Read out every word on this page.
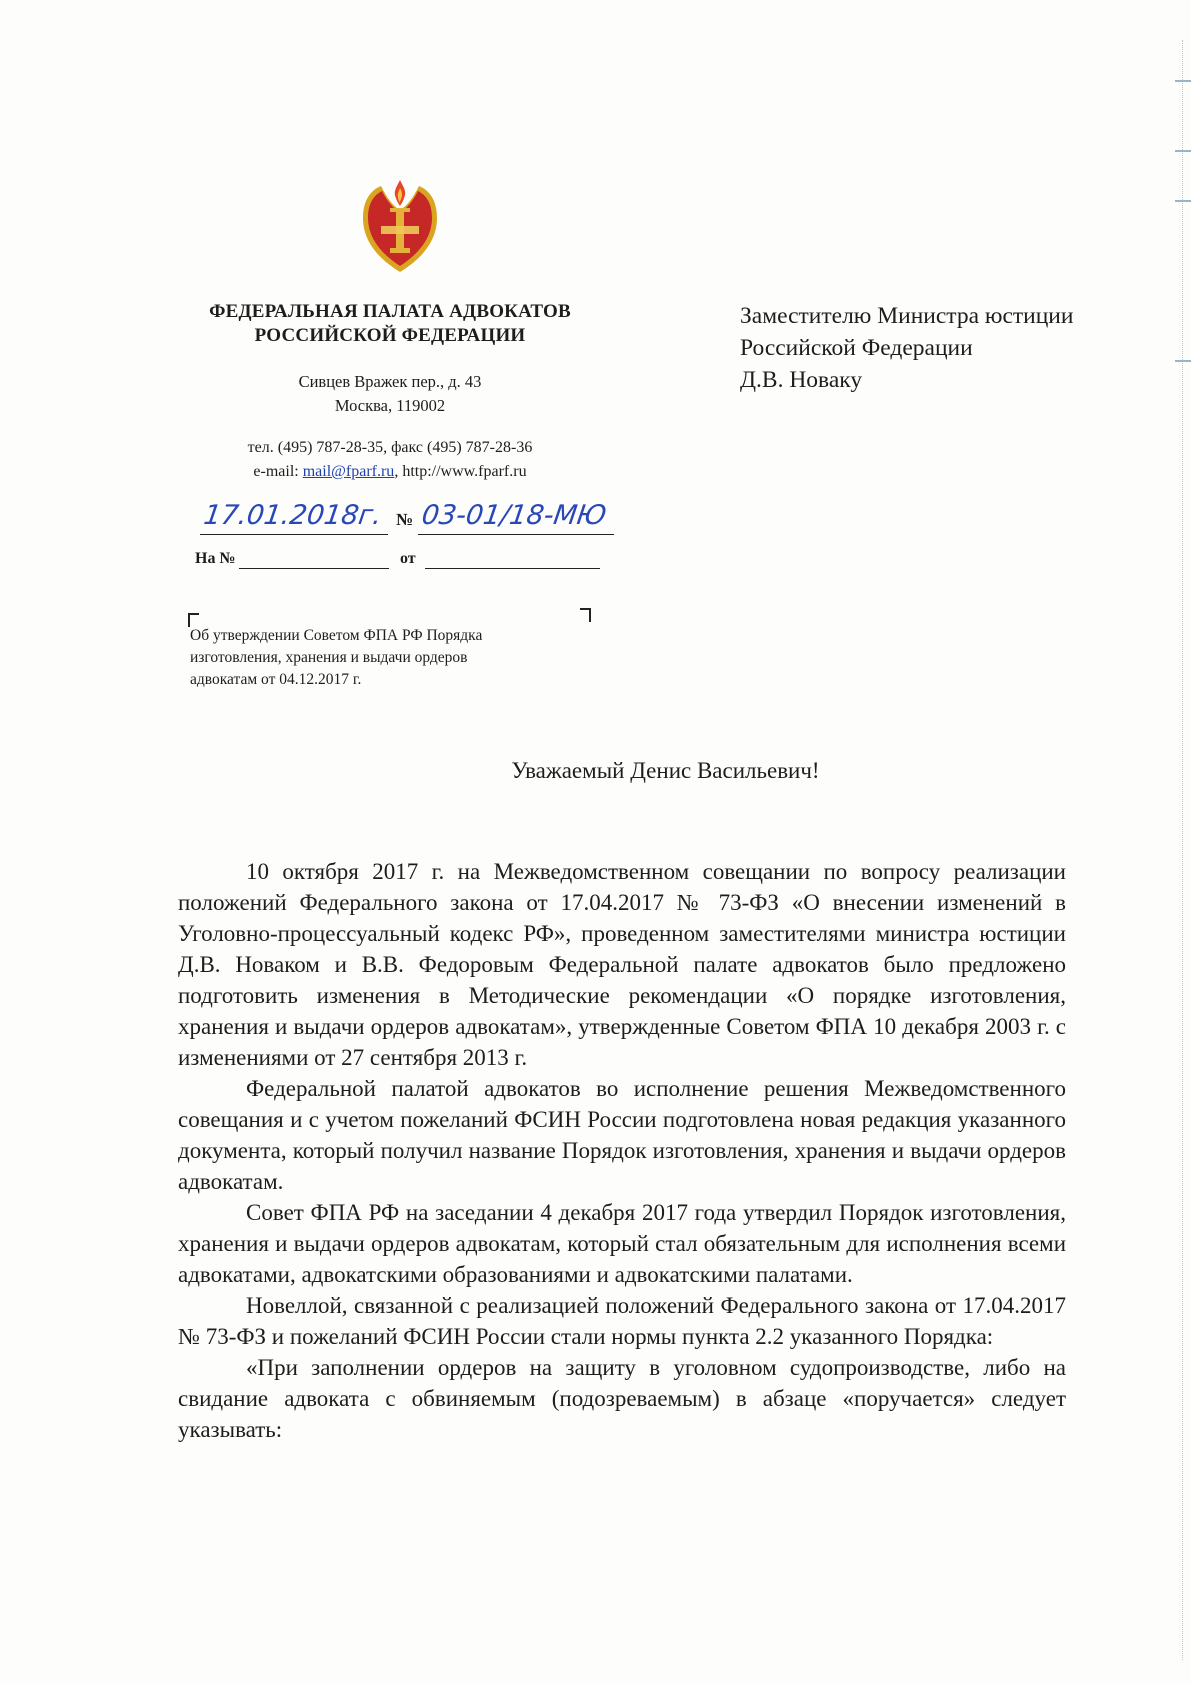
ФЕДЕРАЛЬНАЯ ПАЛАТА АДВОКАТОВ
РОССИЙСКОЙ ФЕДЕРАЦИИ
Сивцев Вражек пер., д. 43
Москва, 119002
тел. (495) 787-28-35, факс (495) 787-28-36
e-mail: mail@fparf.ru, http://www.fparf.ru
17.01.2018г. № 03-01/18-МЮ
На №	от
Об утверждении Советом ФПА РФ Порядка
изготовления, хранения и выдачи ордеров
адвокатам от 04.12.2017 г.
Заместителю Министра юстиции
Российской Федерации
Д.В. Новаку
Уважаемый Денис Васильевич!

10 октября 2017 г. на Межведомственном совещании по вопросу реализации положений Федерального закона от 17.04.2017 № 73-ФЗ «О внесении изменений в Уголовно-процессуальный кодекс РФ», проведенном заместителями министра юстиции Д.В. Новаком и В.В. Федоровым Федеральной палате адвокатов было предложено подготовить изменения в Методические рекомендации «О порядке изготовления, хранения и выдачи ордеров адвокатам», утвержденные Советом ФПА 10 декабря 2003 г. с изменениями от 27 сентября 2013 г.

Федеральной палатой адвокатов во исполнение решения Межведомственного совещания и с учетом пожеланий ФСИН России подготовлена новая редакция указанного документа, который получил название Порядок изготовления, хранения и выдачи ордеров адвокатам.

Совет ФПА РФ на заседании 4 декабря 2017 года утвердил Порядок изготовления, хранения и выдачи ордеров адвокатам, который стал обязательным для исполнения всеми адвокатами, адвокатскими образованиями и адвокатскими палатами.

Новеллой, связанной с реализацией положений Федерального закона от 17.04.2017 № 73-ФЗ и пожеланий ФСИН России стали нормы пункта 2.2 указанного Порядка:

«При заполнении ордеров на защиту в уголовном судопроизводстве, либо на свидание адвоката с обвиняемым (подозреваемым) в абзаце «поручается» следует указывать:
